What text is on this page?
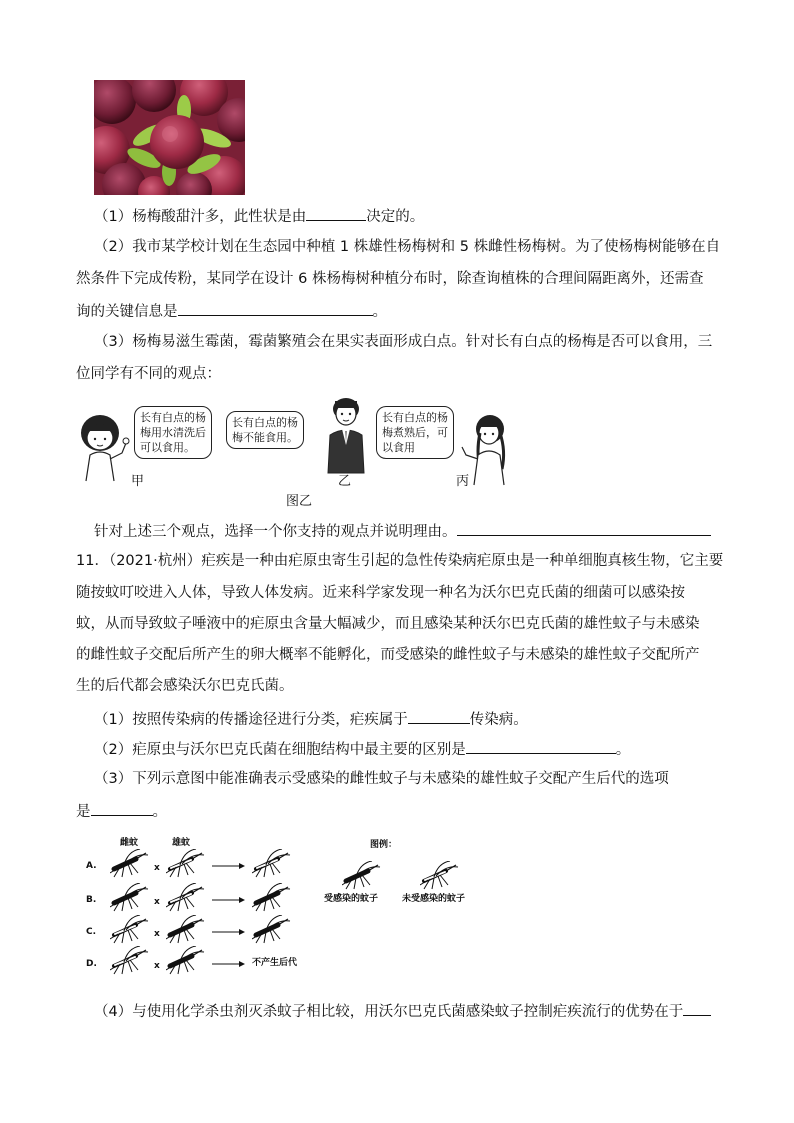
（1）杨梅酸甜汁多，此性状是由	决定的。
（2）我市某学校计划在生态园中种植 1 株雄性杨梅树和 5 株雌性杨梅树。为了使杨梅树能够在自
然条件下完成传粉，某同学在设计 6 株杨梅树种植分布时，除查询植株的合理间隔距离外，还需查
询的关键信息是	。
（3）杨梅易滋生霉菌，霉菌繁殖会在果实表面形成白点。针对长有白点的杨梅是否可以食用，三
位同学有不同的观点：
长有白点的杨
梅用水清洗后
可以食用。
长有白点的杨
梅不能食用。
长有白点的杨
梅煮熟后，可
以食用
甲	乙	丙
图乙
针对上述三个观点，选择一个你支持的观点并说明理由。
11．（2021·杭州）疟疾是一种由疟原虫寄生引起的急性传染病疟原虫是一种单细胞真核生物，它主要
随按蚊叮咬进入人体，导致人体发病。近来科学家发现一种名为沃尔巴克氏菌的细菌可以感染按
蚊，从而导致蚊子唾液中的疟原虫含量大幅减少，而且感染某种沃尔巴克氏菌的雄性蚊子与未感染
的雌性蚊子交配后所产生的卵大概率不能孵化，而受感染的雌性蚊子与未感染的雄性蚊子交配所产
生的后代都会感染沃尔巴克氏菌。
（1）按照传染病的传播途径进行分类，疟疾属于	传染病。
（2）疟原虫与沃尔巴克氏菌在细胞结构中最主要的区别是	。
（3）下列示意图中能准确表示受感染的雌性蚊子与未感染的雄性蚊子交配产生后代的选项
是	。
雌蚊	雄蚊
A.	x
B.	x
C.	x
D.	x	不产生后代
图例：
受感染的蚊子	未受感染的蚊子
（4）与使用化学杀虫剂灭杀蚊子相比较，用沃尔巴克氏菌感染蚊子控制疟疾流行的优势在于
